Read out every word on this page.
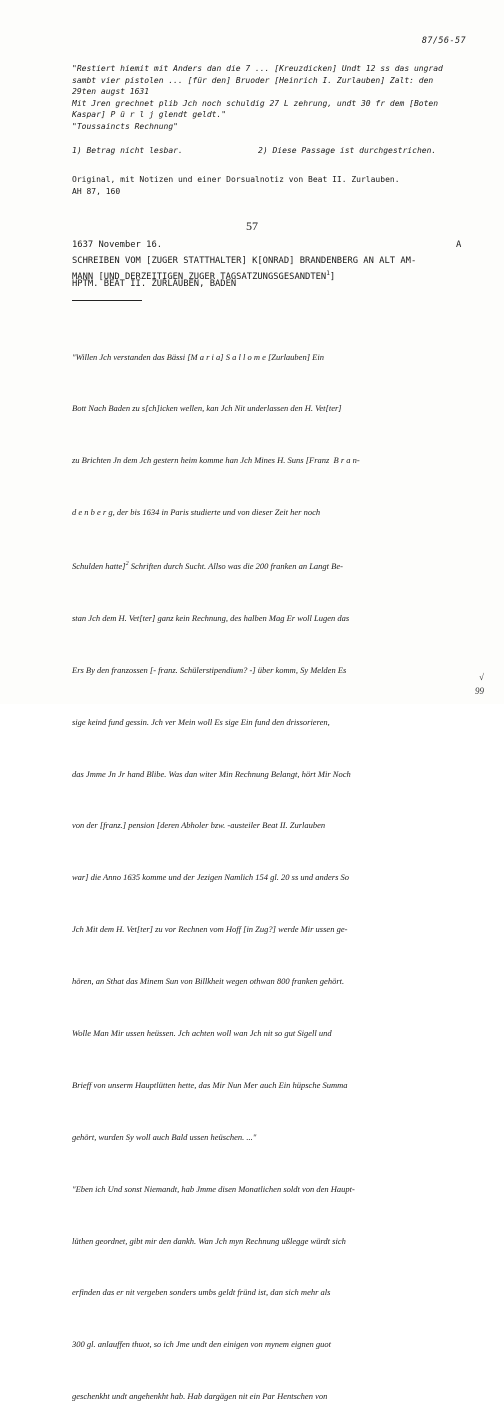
87/56-57
"Restiert hiemit mit Anders dan die 7 ... [Kreuzdicken] Undt 12 ss das ungrad
sambt vier pistolen ... [für den] Bruoder [Heinrich I. Zurlauben] Zalt: den
29ten augst 1631
Mit Jren grechnet plib Jch noch schuldig 27 L zehrung, undt 30 fr dem [Boten
Kaspar] P ü r l j glendt geldt."
"Toussaincts Rechnung"
1) Betrag nicht lesbar.	2) Diese Passage ist durchgestrichen.
Original, mit Notizen und einer Dorsualnotiz von Beat II. Zurlauben.
AH 87, 160
57
1637 November 16.	A
SCHREIBEN VOM [ZUGER STATTHALTER] K[ONRAD] BRANDENBERG AN ALT AM-
MANN [UND DERZEITIGEN ZUGER TAGSATZUNGSGESANDTEN$^1$]
HPTM. BEAT II. ZURLAUBEN, BADEN

"Willen Jch verstanden das Bässi [M a r i a] S a l l o m e [Zurlauben] Ein

Bott Nach Baden zu s[ch]icken wellen, kan Jch Nit underlassen den H. Vet[ter]

zu Brichten Jn dem Jch gestern heim komme han Jch Mines H. Suns [Franz  B r a n-

d e n b e r g, der bis 1634 in Paris studierte und von dieser Zeit her noch

Schulden hatte]$^2$ Schriften durch Sucht. Allso was die 200 franken an Langt Be-

stan Jch dem H. Vet[ter] ganz kein Rechnung, des halben Mag Er woll Lugen das

Ers By den franzossen [- franz. Schülerstipendium? -] über komm, Sy Melden Es

sige keind fund gessin. Jch ver Mein woll Es sige Ein fund den drissorieren,

das Jmme Jn Jr hand Blibe. Was dan witer Min Rechnung Belangt, hört Mir Noch

von der [franz.] pension [deren Abholer bzw. -austeiler Beat II. Zurlauben

war] die Anno 1635 komme und der Jezigen Namlich 154 gl. 20 ss und anders So

Jch Mit dem H. Vet[ter] zu vor Rechnen vom Hoff [in Zug?] werde Mir ussen ge-

hören, an Sthat das Minem Sun von Billkheit wegen othwan 800 franken gehört.

Wolle Man Mir ussen heüssen. Jch achten woll wan Jch nit so gut Sigell und

Brieff von unserm Hauptlütten hette, das Mir Nun Mer auch Ein hüpsche Summa

gehört, wurden Sy woll auch Bald ussen heüschen. ..."

"Eben ich Und sonst Niemandt, hab Jmme disen Monatlichen soldt von den Haupt-

lüthen geordnet, gibt mir den dankh. Wan Jch myn Rechnung ußlegge würdt sich

erfinden das er nit vergeben sonders umbs geldt fründ ist, dan sich mehr als

300 gl. anlauffen thuot, so ich Jme undt den einigen von mynem eignen guot

geschenkht undt angehenkht hab. Hab dargägen nit ein Par Hentschen von

√
99
